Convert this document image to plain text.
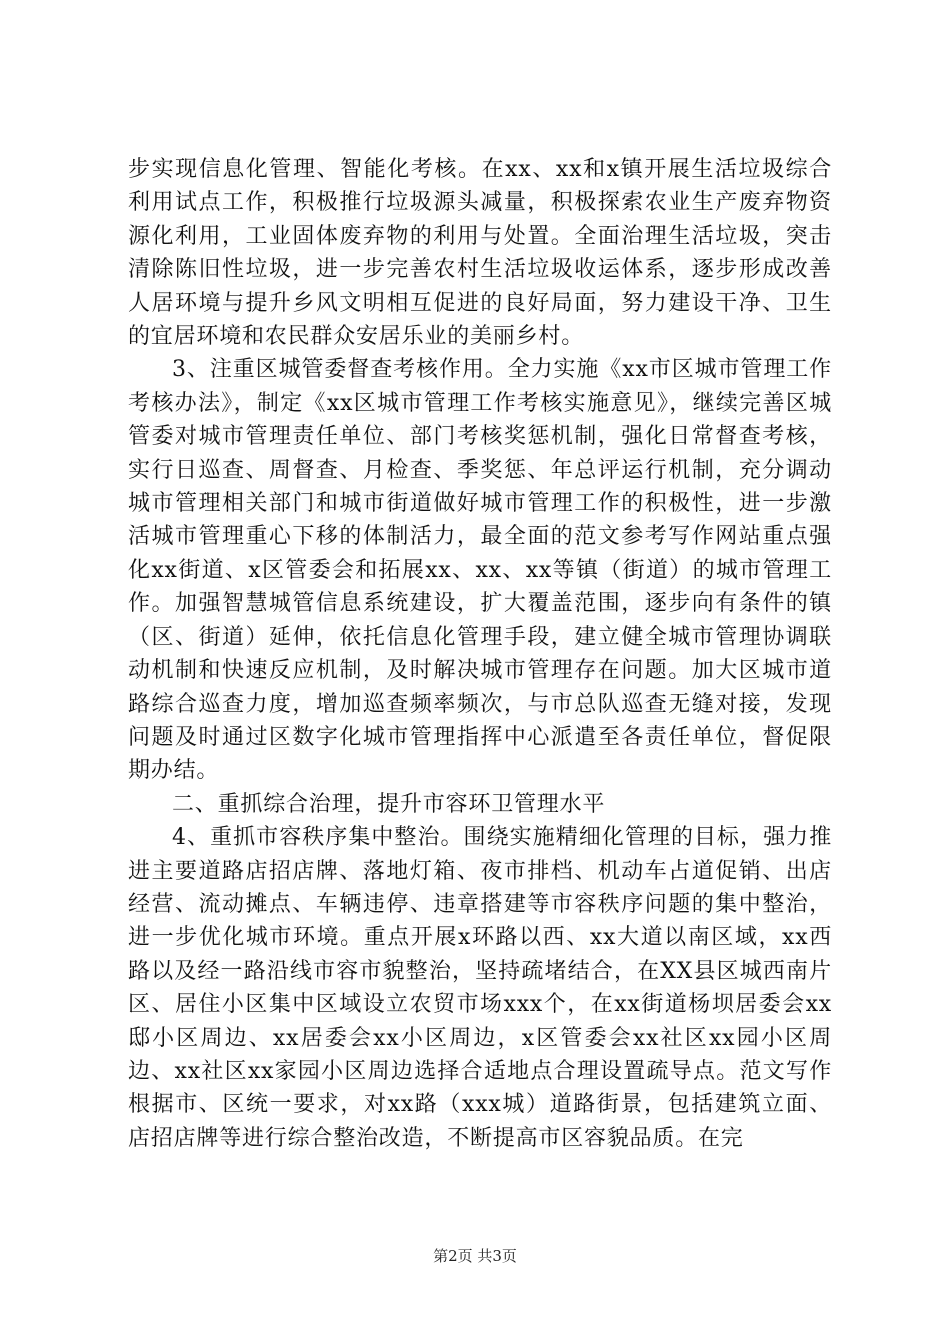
步实现信息化管理、智能化考核。在xx、xx和x镇开展生活垃圾综合利用试点工作，积极推行垃圾源头减量，积极探索农业生产废弃物资源化利用，工业固体废弃物的利用与处置。全面治理生活垃圾，突击清除陈旧性垃圾，进一步完善农村生活垃圾收运体系，逐步形成改善人居环境与提升乡风文明相互促进的良好局面，努力建设干净、卫生的宜居环境和农民群众安居乐业的美丽乡村。

3、注重区城管委督查考核作用。全力实施《xx市区城市管理工作考核办法》，制定《xx区城市管理工作考核实施意见》，继续完善区城管委对城市管理责任单位、部门考核奖惩机制，强化日常督查考核，实行日巡查、周督查、月检查、季奖惩、年总评运行机制，充分调动城市管理相关部门和城市街道做好城市管理工作的积极性，进一步激活城市管理重心下移的体制活力，最全面的范文参考写作网站重点强化xx街道、x区管委会和拓展xx、xx、xx等镇（街道）的城市管理工作。加强智慧城管信息系统建设，扩大覆盖范围，逐步向有条件的镇（区、街道）延伸，依托信息化管理手段，建立健全城市管理协调联动机制和快速反应机制，及时解决城市管理存在问题。加大区城市道路综合巡查力度，增加巡查频率频次，与市总队巡查无缝对接，发现问题及时通过区数字化城市管理指挥中心派遣至各责任单位，督促限期办结。

二、重抓综合治理，提升市容环卫管理水平

4、重抓市容秩序集中整治。围绕实施精细化管理的目标，强力推进主要道路店招店牌、落地灯箱、夜市排档、机动车占道促销、出店经营、流动摊点、车辆违停、违章搭建等市容秩序问题的集中整治，进一步优化城市环境。重点开展x环路以西、xx大道以南区域，xx西路以及经一路沿线市容市貌整治，坚持疏堵结合，在XX县区城西南片区、居住小区集中区域设立农贸市场xxx个，在xx街道杨坝居委会xx邸小区周边、xx居委会xx小区周边，x区管委会xx社区xx园小区周边、xx社区xx家园小区周边选择合适地点合理设置疏导点。范文写作根据市、区统一要求，对xx路（xxx城）道路街景，包括建筑立面、店招店牌等进行综合整治改造，不断提高市区容貌品质。在完

第2页 共3页
